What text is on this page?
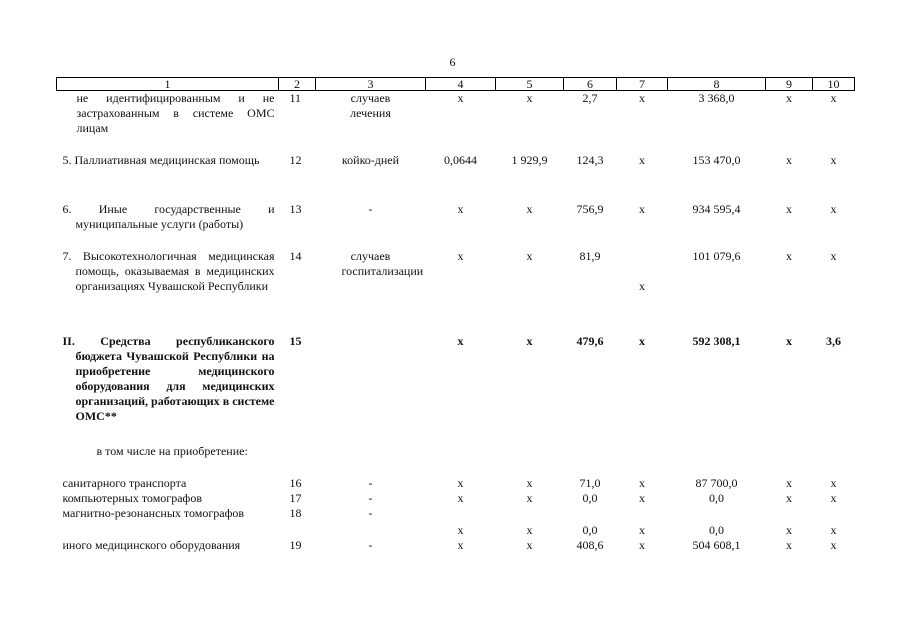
6
1	2	3	4	5	6	7	8	9	10
не идентифицированным и не застрахованным в системе ОМС лицам	11	случаев лечения	х	х	2,7	х	3 368,0	х	х
5. Паллиативная медицинская помощь	12	койко-дней	0,0644	1 929,9	124,3	х	153 470,0	х	х
6. Иные государственные и муниципальные услуги (работы)	13	-	х	х	756,9	х	934 595,4	х	х
7. Высокотехнологичная медицинская помощь, оказываемая в медицинских организациях Чувашской Республики	14	случаев госпитализации	х	х	81,9	х	101 079,6	х	х
II. Средства республиканского бюджета Чувашской Республики на приобретение медицинского оборудования для медицинских организаций, работающих в системе ОМС**	15		х	х	479,6	х	592 308,1	х	3,6
в том числе на приобретение:									
санитарного транспорта	16	-	х	х	71,0	х	87 700,0	х	х
компьютерных томографов	17	-	х	х	0,0	х	0,0	х	х
магнитно-резонансных томографов	18	-	х	х	0,0	х	0,0	х	х
иного медицинского оборудования	19	-	х	х	408,6	х	504 608,1	х	х
